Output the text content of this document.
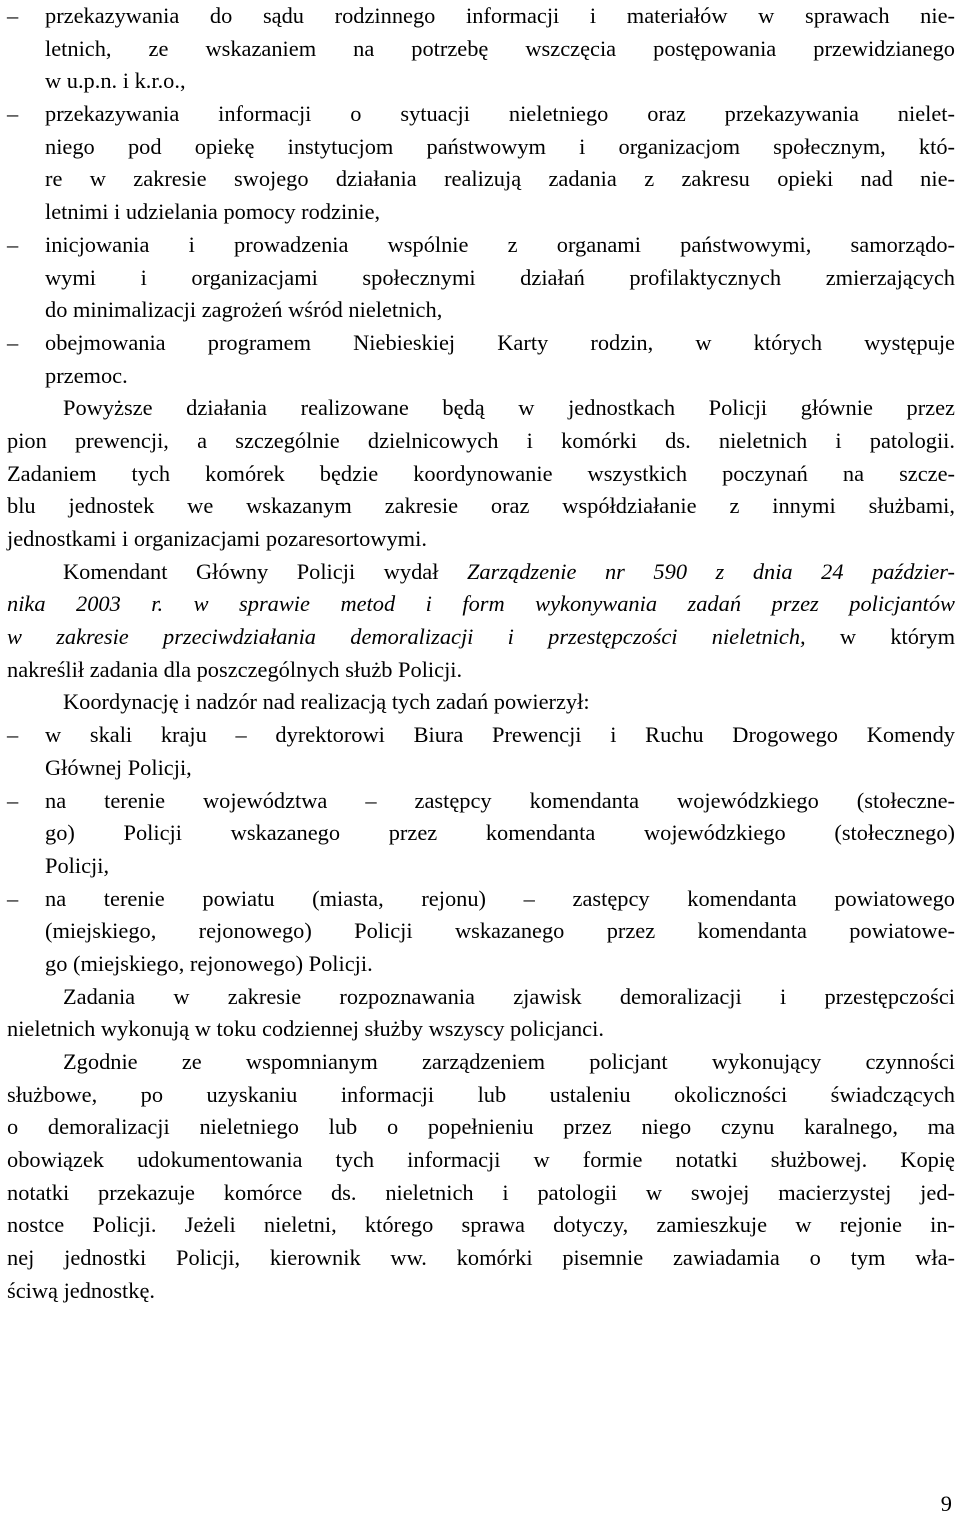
–	przekazywania do sądu rodzinnego informacji i materiałów w sprawach nie-
letnich, ze wskazaniem na potrzebę wszczęcia postępowania przewidzianego
w u.p.n. i k.r.o.,
–	przekazywania informacji o sytuacji nieletniego oraz przekazywania nielet-
niego pod opiekę instytucjom państwowym i organizacjom społecznym, któ-
re w zakresie swojego działania realizują zadania z zakresu opieki nad nie-
letnimi i udzielania pomocy rodzinie,
–	inicjowania i prowadzenia wspólnie z organami państwowymi, samorządo-
wymi i organizacjami społecznymi działań profilaktycznych zmierzających
do minimalizacji zagrożeń wśród nieletnich,
–	obejmowania programem Niebieskiej Karty rodzin, w których występuje
przemoc.
Powyższe działania realizowane będą w jednostkach Policji głównie przez
pion prewencji, a szczególnie dzielnicowych i komórki ds. nieletnich i patologii.
Zadaniem tych komórek będzie koordynowanie wszystkich poczynań na szcze-
blu jednostek we wskazanym zakresie oraz współdziałanie z innymi służbami,
jednostkami i organizacjami pozaresortowymi.
Komendant Główny Policji wydał Zarządzenie nr 590 z dnia 24 paździer-
nika 2003 r. w sprawie metod i form wykonywania zadań przez policjantów
w zakresie przeciwdziałania demoralizacji i przestępczości nieletnich, w którym
nakreślił zadania dla poszczególnych służb Policji.
Koordynację i nadzór nad realizacją tych zadań powierzył:
–	w skali kraju – dyrektorowi Biura Prewencji i Ruchu Drogowego Komendy
Głównej Policji,
–	na terenie województwa – zastępcy komendanta wojewódzkiego (stołeczne-
go) Policji wskazanego przez komendanta wojewódzkiego (stołecznego)
Policji,
–	na terenie powiatu (miasta, rejonu) – zastępcy komendanta powiatowego
(miejskiego, rejonowego) Policji wskazanego przez komendanta powiatowe-
go (miejskiego, rejonowego) Policji.
Zadania w zakresie rozpoznawania zjawisk demoralizacji i przestępczości
nieletnich wykonują w toku codziennej służby wszyscy policjanci.
Zgodnie ze wspomnianym zarządzeniem policjant wykonujący czynności
służbowe, po uzyskaniu informacji lub ustaleniu okoliczności świadczących
o demoralizacji nieletniego lub o popełnieniu przez niego czynu karalnego, ma
obowiązek udokumentowania tych informacji w formie notatki służbowej. Kopię
notatki przekazuje komórce ds. nieletnich i patologii w swojej macierzystej jed-
nostce Policji. Jeżeli nieletni, którego sprawa dotyczy, zamieszkuje w rejonie in-
nej jednostki Policji, kierownik ww. komórki pisemnie zawiadamia o tym wła-
ściwą jednostkę.
9
